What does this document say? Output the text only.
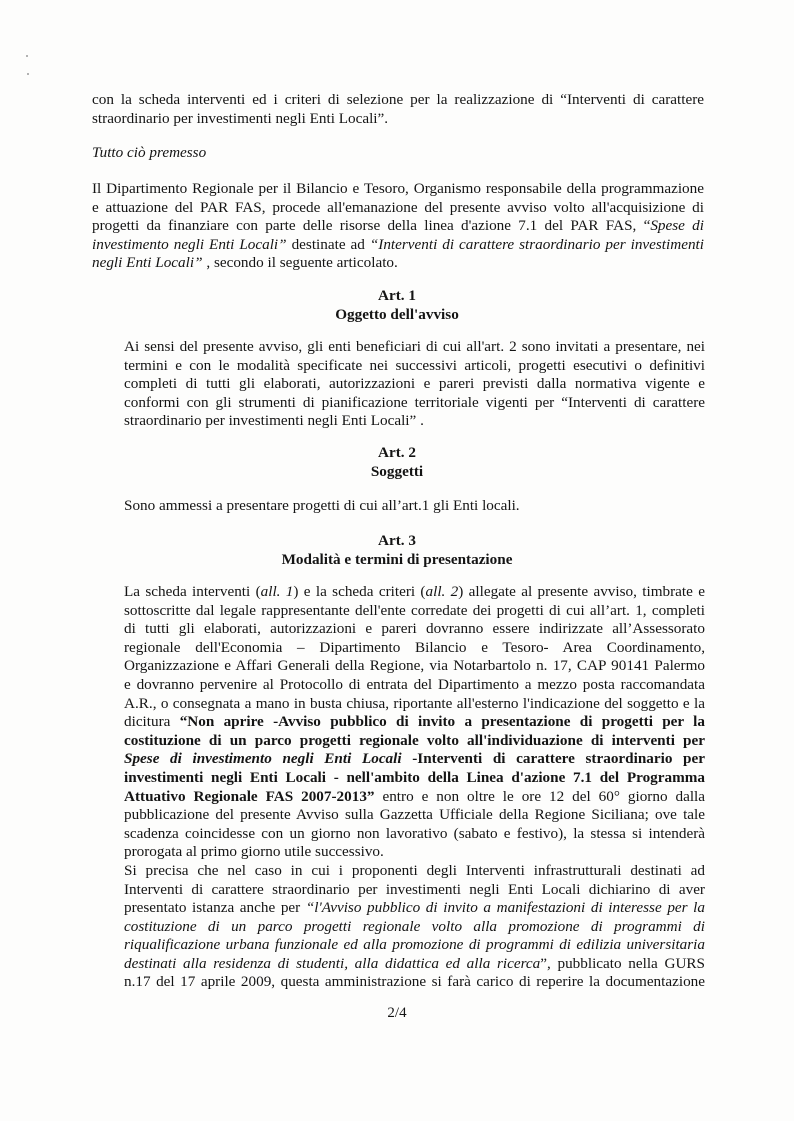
con la scheda interventi ed i criteri di selezione per la realizzazione di “Interventi di carattere
straordinario per investimenti negli Enti Locali”.
Tutto ciò premesso
Il Dipartimento Regionale per il Bilancio e Tesoro, Organismo responsabile della programmazione
e attuazione del PAR FAS, procede all'emanazione del presente avviso volto all'acquisizione di
progetti da finanziare con parte delle risorse della linea d'azione 7.1 del PAR FAS, “Spese di
investimento negli Enti Locali” destinate ad “Interventi di carattere straordinario per investimenti
negli Enti Locali” , secondo il seguente articolato.
Art. 1
Oggetto dell'avviso
Ai sensi del presente avviso, gli enti beneficiari di cui all'art. 2 sono invitati a presentare, nei
termini e con le modalità specificate nei successivi articoli, progetti esecutivi o definitivi
completi di tutti gli elaborati, autorizzazioni e pareri previsti dalla normativa vigente e
conformi con gli strumenti di pianificazione territoriale vigenti per “Interventi di carattere
straordinario per investimenti negli Enti Locali” .
Art. 2
Soggetti
Sono ammessi a presentare progetti di cui all’art.1 gli Enti locali.
Art. 3
Modalità e termini di presentazione
La scheda interventi (all. 1) e la scheda criteri (all. 2) allegate al presente avviso, timbrate e
sottoscritte dal legale rappresentante dell'ente corredate dei progetti di cui all’art. 1, completi
di tutti gli elaborati, autorizzazioni e pareri dovranno essere indirizzate all’Assessorato
regionale dell'Economia – Dipartimento Bilancio e Tesoro- Area Coordinamento,
Organizzazione e Affari Generali della Regione, via Notarbartolo n. 17, CAP 90141 Palermo
e dovranno pervenire al Protocollo di entrata del Dipartimento a mezzo posta raccomandata
A.R., o consegnata a mano in busta chiusa, riportante all'esterno l'indicazione del soggetto e la
dicitura “Non aprire -Avviso pubblico di invito a presentazione di progetti per la
costituzione di un parco progetti regionale volto all'individuazione di interventi per
Spese di investimento negli Enti Locali -Interventi di carattere straordinario per
investimenti negli Enti Locali - nell'ambito della Linea d'azione 7.1 del Programma
Attuativo Regionale FAS 2007-2013” entro e non oltre le ore 12 del 60° giorno dalla
pubblicazione del presente Avviso sulla Gazzetta Ufficiale della Regione Siciliana; ove tale
scadenza coincidesse con un giorno non lavorativo (sabato e festivo), la stessa si intenderà
prorogata al primo giorno utile successivo.
Si precisa che nel caso in cui i proponenti degli Interventi infrastrutturali destinati ad
Interventi di carattere straordinario per investimenti negli Enti Locali dichiarino di aver
presentato istanza anche per “l'Avviso pubblico di invito a manifestazioni di interesse per la
costituzione di un parco progetti regionale volto alla promozione di programmi di
riqualificazione urbana funzionale ed alla promozione di programmi di edilizia universitaria
destinati alla residenza di studenti, alla didattica ed alla ricerca”, pubblicato nella GURS
n.17 del 17 aprile 2009, questa amministrazione si farà carico di reperire la documentazione
2/4
